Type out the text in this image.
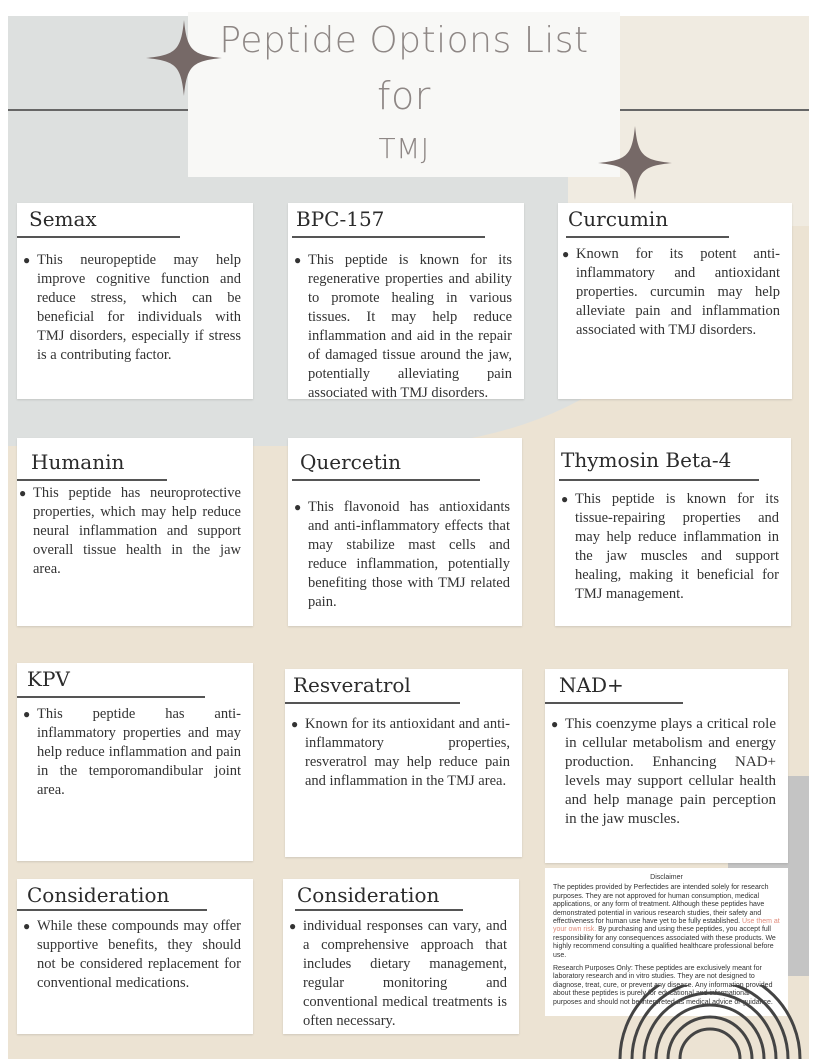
Peptide Options List
for
TMJ
Semax
● This neuropeptide may help improve cognitive function and reduce stress, which can be beneficial for individuals with TMJ disorders, especially if stress is a contributing factor.
BPC-157
● This peptide is known for its regenerative properties and ability to promote healing in various tissues. It may help reduce inflammation and aid in the repair of damaged tissue around the jaw, potentially alleviating pain associated with TMJ disorders.
Curcumin
● Known for its potent anti-inflammatory and antioxidant properties. curcumin may help alleviate pain and inflammation associated with TMJ disorders.
Humanin
● This peptide has neuroprotective properties, which may help reduce neural inflammation and support overall tissue health in the jaw area.
Quercetin
● This flavonoid has antioxidants and anti-inflammatory effects that may stabilize mast cells and reduce inflammation, potentially benefiting those with TMJ related pain.
Thymosin Beta-4
● This peptide is known for its tissue-repairing properties and may help reduce inflammation in the jaw muscles and support healing, making it beneficial for TMJ management.
KPV
● This peptide has anti-inflammatory properties and may help reduce inflammation and pain in the temporomandibular joint area.
Resveratrol
● Known for its antioxidant and anti-inflammatory properties, resveratrol may help reduce pain and inflammation in the TMJ area.
NAD+
● This coenzyme plays a critical role in cellular metabolism and energy production. Enhancing NAD+ levels may support cellular health and help manage pain perception in the jaw muscles.
Consideration
● While these compounds may offer supportive benefits, they should not be considered replacement for conventional medications.
Consideration
● individual responses can vary, and a comprehensive approach that includes dietary management, regular monitoring and conventional medical treatments is often necessary.
Disclaimer

The peptides provided by Perfectides are intended solely for research purposes. They are not approved for human consumption, medical applications, or any form of treatment. Although these peptides have demonstrated potential in various research studies, their safety and effectiveness for human use have yet to be fully established. Use them at your own risk. By purchasing and using these peptides, you accept full responsibility for any consequences associated with these products. We highly recommend consulting a qualified healthcare professional before use.

Research Purposes Only: These peptides are exclusively meant for laboratory research and in vitro studies. They are not designed to diagnose, treat, cure, or prevent any disease. Any information provided about these peptides is purely for educational and informational purposes and should not be interpreted as medical advice or guidance.
